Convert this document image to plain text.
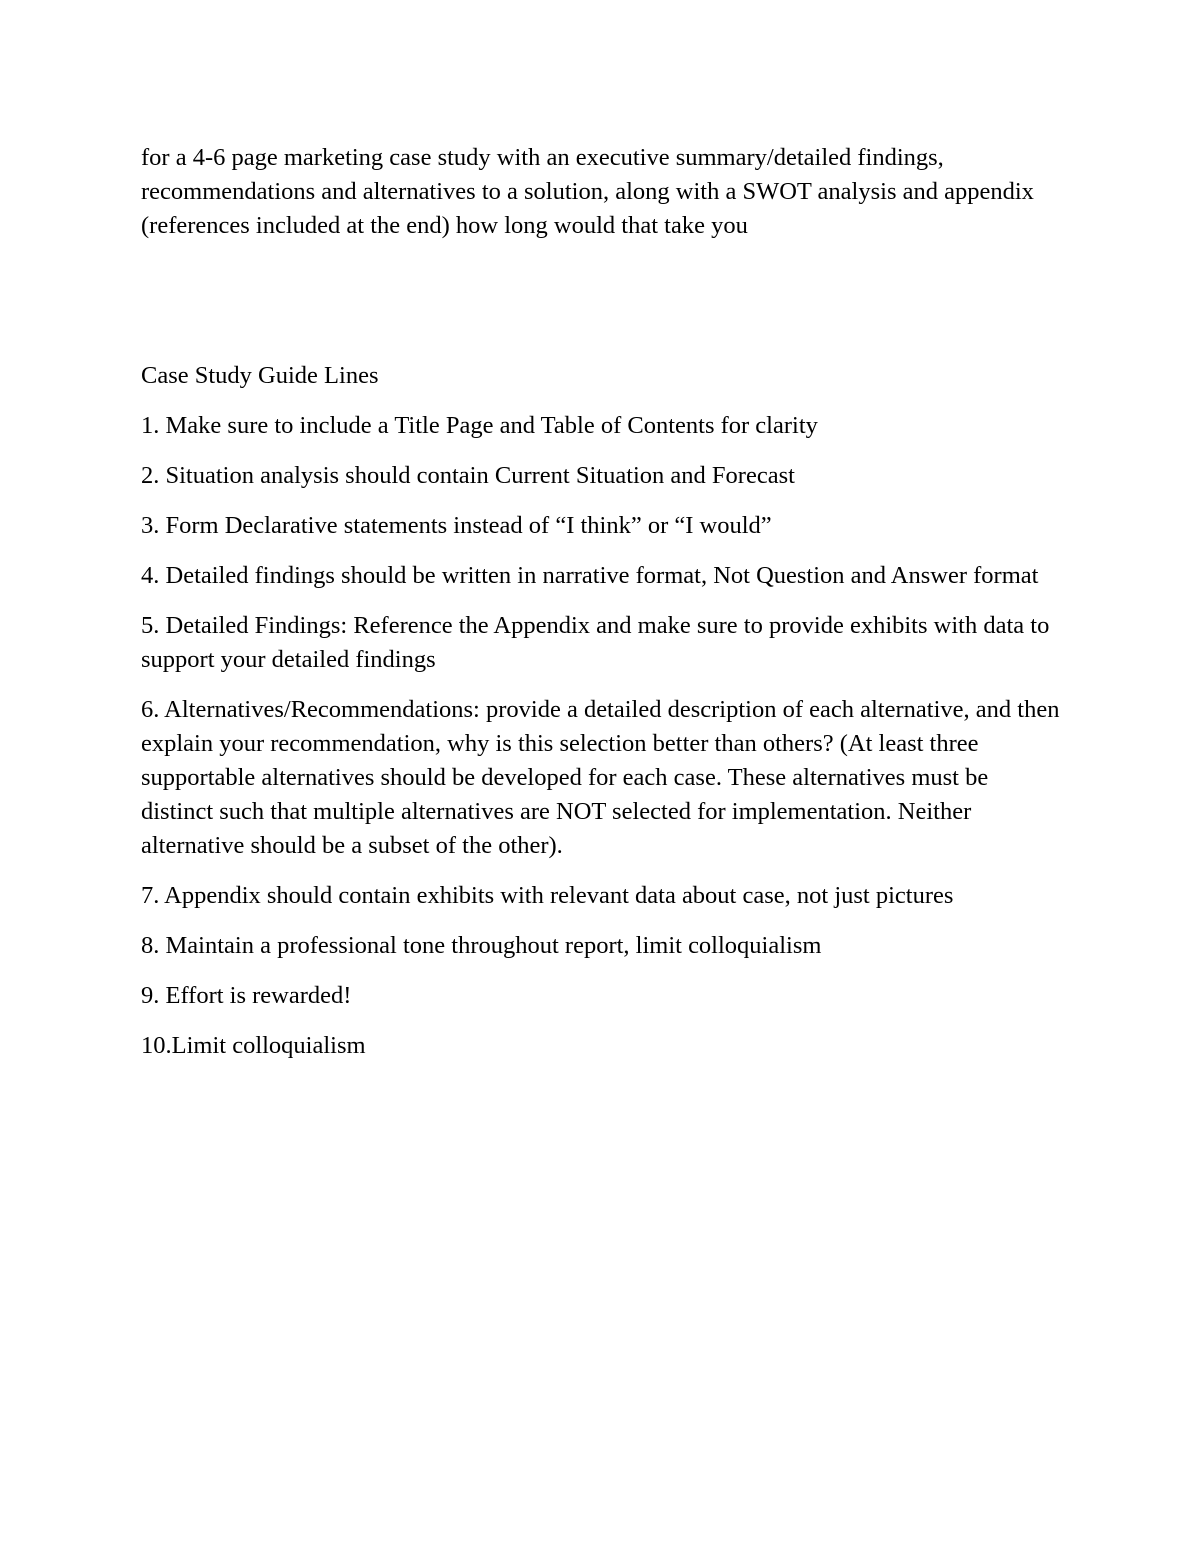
for a 4-6 page marketing case study with an executive summary/detailed findings, recommendations and alternatives to a solution, along with a SWOT analysis and appendix (references included at the end) how long would that take you

Case Study Guide Lines

1. Make sure to include a Title Page and Table of Contents for clarity
2. Situation analysis should contain Current Situation and Forecast
3. Form Declarative statements instead of “I think” or “I would”
4. Detailed findings should be written in narrative format, Not Question and Answer format
5. Detailed Findings: Reference the Appendix and make sure to provide exhibits with data to support your detailed findings
6. Alternatives/Recommendations: provide a detailed description of each alternative, and then explain your recommendation, why is this selection better than others? (At least three supportable alternatives should be developed for each case. These alternatives must be distinct such that multiple alternatives are NOT selected for implementation. Neither alternative should be a subset of the other).
7. Appendix should contain exhibits with relevant data about case, not just pictures
8. Maintain a professional tone throughout report, limit colloquialism
9. Effort is rewarded!
10.Limit colloquialism
